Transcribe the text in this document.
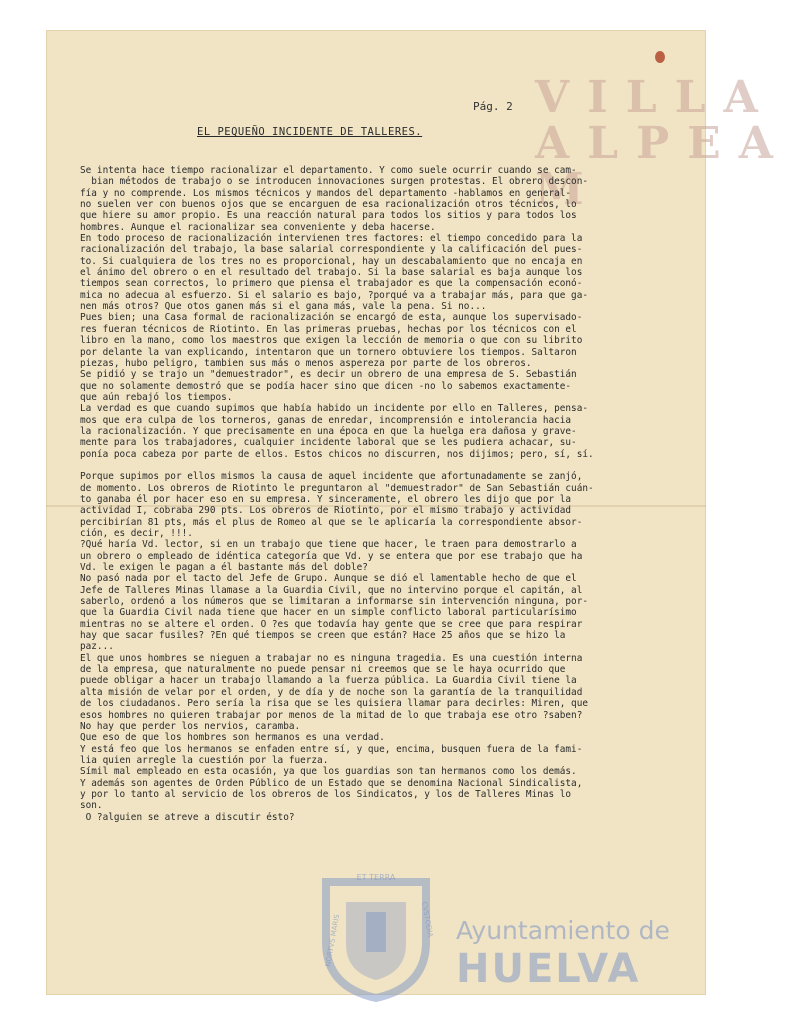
VILLA
ALPEA
M
Pág. 2
EL PEQUEÑO INCIDENTE DE TALLERES.
Se intenta hace tiempo racionalizar el departamento. Y como suele ocurrir cuando se cam-
bian métodos de trabajo o se introducen innovaciones surgen protestas. El obrero descon-
fía y no comprende. Los mismos técnicos y mandos del departamento -hablamos en general-
no suelen ver con buenos ojos que se encarguen de esa racionalización otros técnicos, lo
que hiere su amor propio. Es una reacción natural para todos los sitios y para todos los
hombres. Aunque el racionalizar sea conveniente y deba hacerse.
En todo proceso de racionalización intervienen tres factores: el tiempo concedido para la
racionalización del trabajo, la base salarial correspondiente y la calificación del pues-
to. Si cualquiera de los tres no es proporcional, hay un descabalamiento que no encaja en
el ánimo del obrero o en el resultado del trabajo. Si la base salarial es baja aunque los
tiempos sean correctos, lo primero que piensa el trabajador es que la compensación econó-
mica no adecua al esfuerzo. Si el salario es bajo, ?porqué va a trabajar más, para que ga-
nen más otros? Que otos ganen más si el gana más, vale la pena. Si no...
Pues bien; una Casa formal de racionalización se encargó de esta, aunque los supervisado-
res fueran técnicos de Riotinto. En las primeras pruebas, hechas por los técnicos con el
libro en la mano, como los maestros que exigen la lección de memoria o que con su librito
por delante la van explicando, intentaron que un tornero obtuviere los tiempos. Saltaron
piezas, hubo peligro, tambien sus más o menos aspereza por parte de los obreros.
Se pidió y se trajo un "demuestrador", es decir un obrero de una empresa de S. Sebastián
que no solamente demostró que se podía hacer sino que dicen -no lo sabemos exactamente-
que aún rebajó los tiempos.
La verdad es que cuando supimos que había habido un incidente por ello en Talleres, pensa-
mos que era culpa de los torneros, ganas de enredar, incomprensión e intolerancia hacia
la racionalización. Y que precisamente en una época en que la huelga era dañosa y grave-
mente para los trabajadores, cualquier incidente laboral que se les pudiera achacar, su-
ponía poca cabeza por parte de ellos. Estos chicos no discurren, nos dijimos; pero, sí, sí.
Porque supimos por ellos mismos la causa de aquel incidente que afortunadamente se zanjó,
de momento. Los obreros de Riotinto le preguntaron al "demuestrador" de San Sebastián cuán-
to ganaba él por hacer eso en su empresa. Y sinceramente, el obrero les dijo que por la
actividad I, cobraba 290 pts. Los obreros de Riotinto, por el mismo trabajo y actividad
percibirían 81 pts, más el plus de Romeo al que se le aplicaría la correspondiente absor-
ción, es decir, !!!.
?Qué haría Vd. lector, si en un trabajo que tiene que hacer, le traen para demostrarlo a
un obrero o empleado de idéntica categoría que Vd. y se entera que por ese trabajo que ha
Vd. le exigen le pagan a él bastante más del doble?
No pasó nada por el tacto del Jefe de Grupo. Aunque se dió el lamentable hecho de que el
Jefe de Talleres Minas llamase a la Guardia Civil, que no intervino porque el capitán, al
saberlo, ordenó a los números que se limitaran a informarse sin intervención ninguna, por-
que la Guardia Civil nada tiene que hacer en un simple conflicto laboral particularísimo
mientras no se altere el orden. O ?es que todavía hay gente que se cree que para respirar
hay que sacar fusiles? ?En qué tiempos se creen que están? Hace 25 años que se hizo la
paz...
El que unos hombres se nieguen a trabajar no es ninguna tragedia. Es una cuestión interna
de la empresa, que naturalmente no puede pensar ni creemos que se le haya ocurrido que
puede obligar a hacer un trabajo llamando a la fuerza pública. La Guardia Civil tiene la
alta misión de velar por el orden, y de día y de noche son la garantía de la tranquilidad
de los ciudadanos. Pero sería la risa que se les quisiera llamar para decirles: Miren, que
esos hombres no quieren trabajar por menos de la mitad de lo que trabaja ese otro ?saben?
No hay que perder los nervios, caramba.
Que eso de que los hombres son hermanos es una verdad.
Y está feo que los hermanos se enfaden entre sí, y que, encima, busquen fuera de la fami-
lia quien arregle la cuestión por la fuerza.
Símil mal empleado en esta ocasión, ya que los guardias son tan hermanos como los demás.
Y además son agentes de Orden Público de un Estado que se denomina Nacional Sindicalista,
y por lo tanto al servicio de los obreros de los Sindicatos, y los de Talleres Minas lo
son.
O ?alguien se atreve a discutir ésto?
ET TERRA
NORTVS MARIS	CVSTODIA Ayuntamiento de
HUELVA
